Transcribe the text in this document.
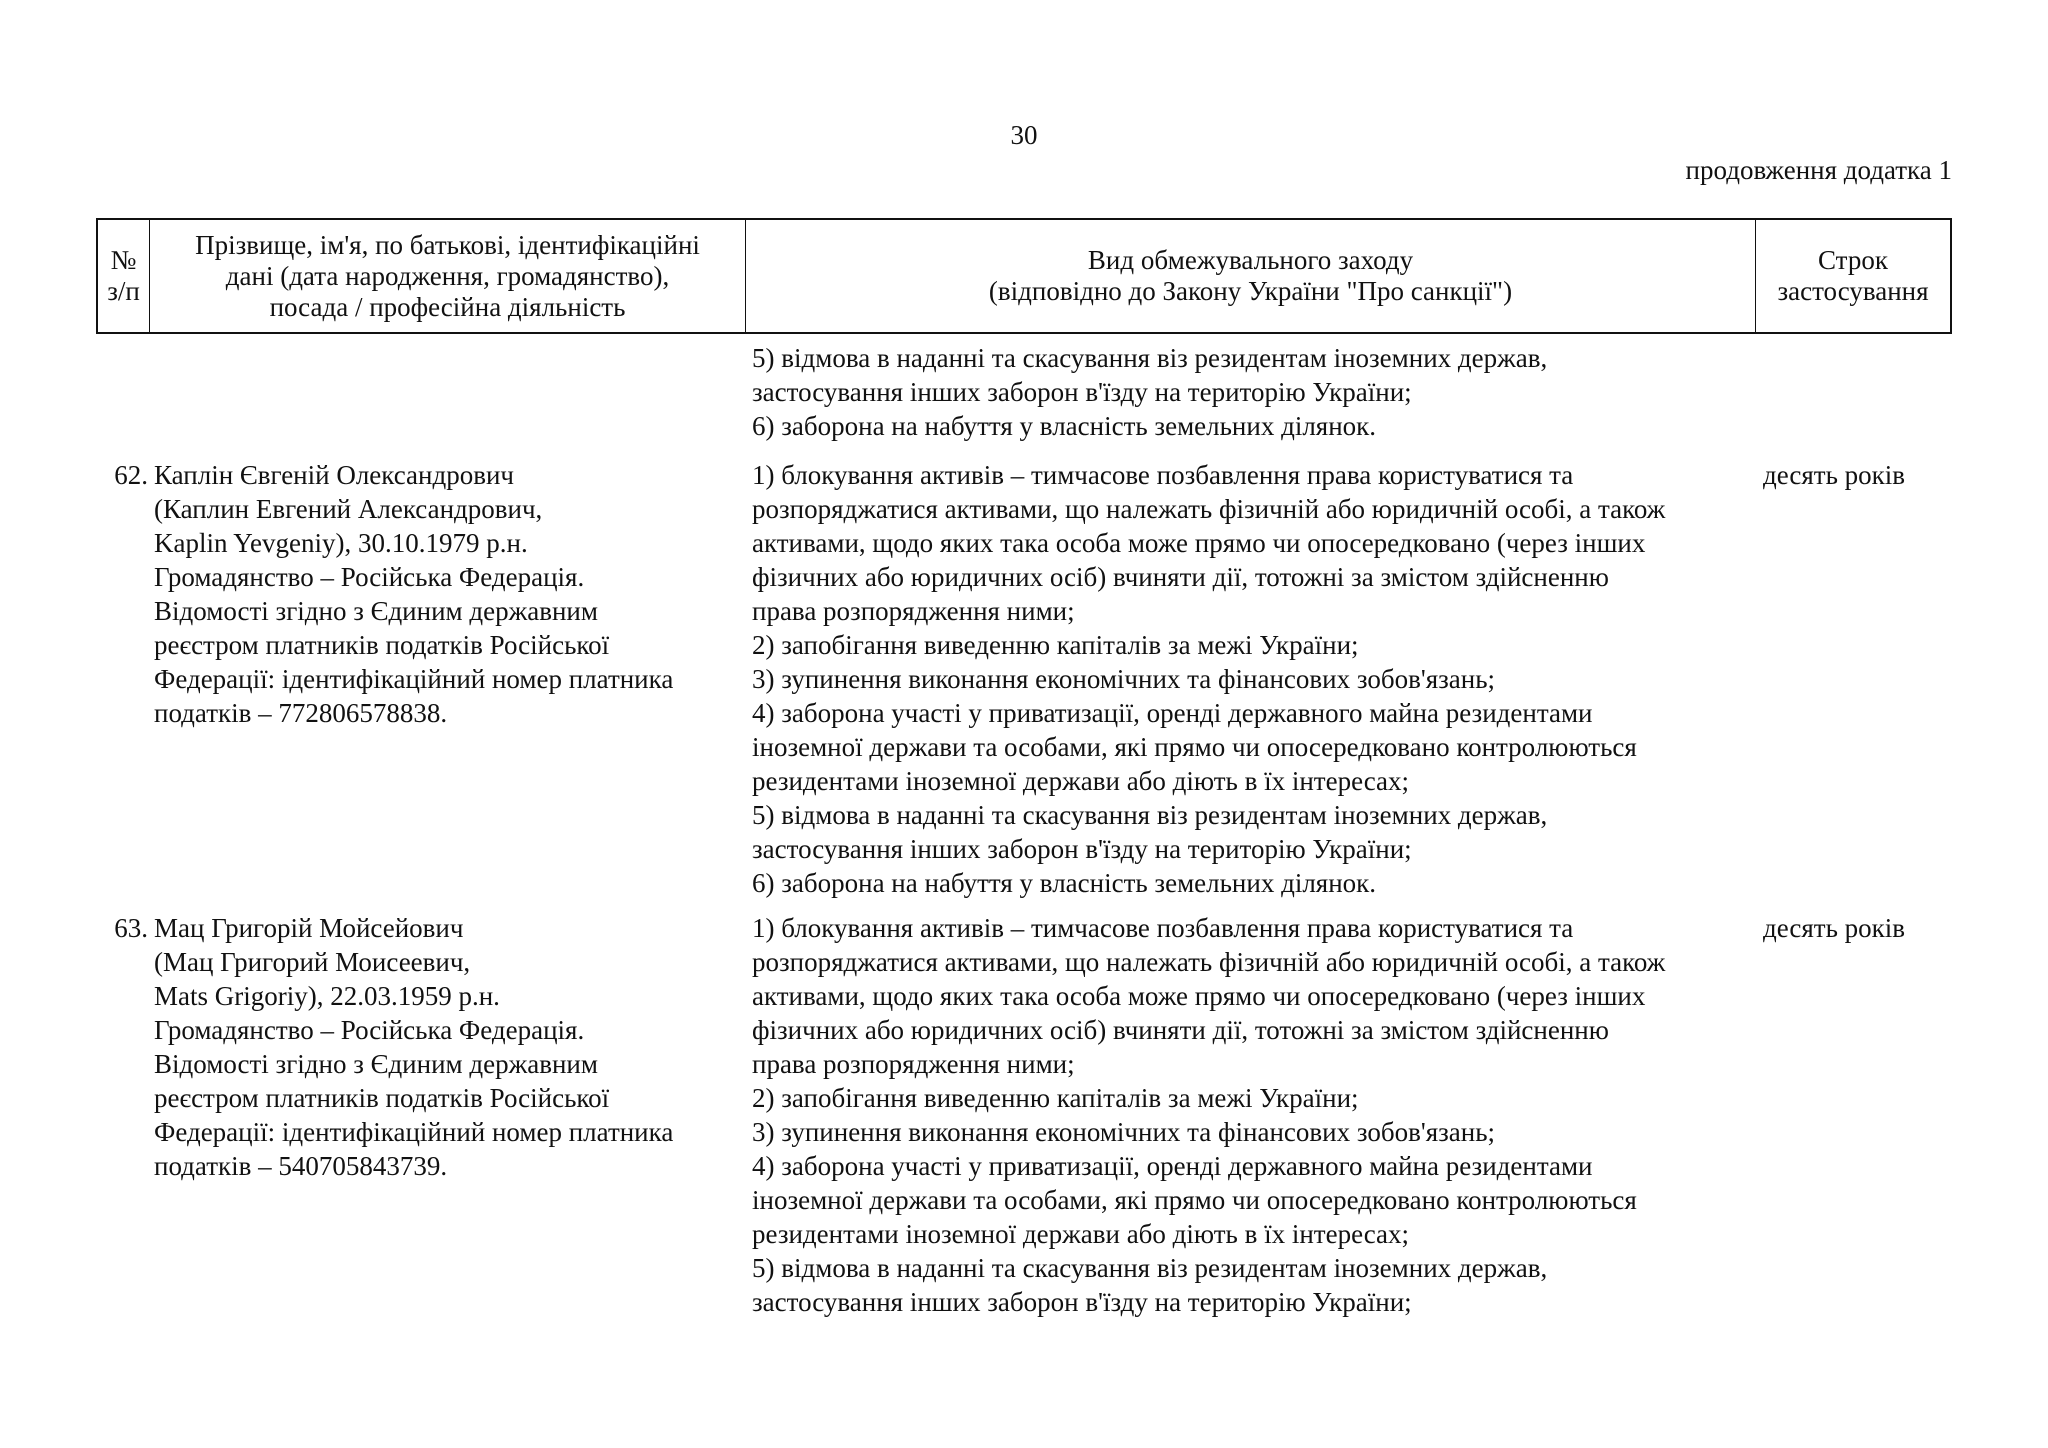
30
продовження додатка 1
№
з/п
Прізвище, ім'я, по батькові, ідентифікаційні
дані (дата народження, громадянство),
посада / професійна діяльність
Вид обмежувального заходу
(відповідно до Закону України "Про санкції")
Строк
застосування
5) відмова в наданні та скасування віз резидентам іноземних держав,
застосування інших заборон в'їзду на територію України;
6) заборона на набуття у власність земельних ділянок.
62. Каплін Євгеній Олександрович
(Каплин Евгений Александрович,
Kaplin Yevgeniy), 30.10.1979 р.н.
Громадянство – Російська Федерація.
Відомості згідно з Єдиним державним
реєстром платників податків Російської
Федерації: ідентифікаційний номер платника
податків – 772806578838.
1) блокування активів – тимчасове позбавлення права користуватися та
розпоряджатися активами, що належать фізичній або юридичній особі, а також
активами, щодо яких така особа може прямо чи опосередковано (через інших
фізичних або юридичних осіб) вчиняти дії, тотожні за змістом здійсненню
права розпорядження ними;
2) запобігання виведенню капіталів за межі України;
3) зупинення виконання економічних та фінансових зобов'язань;
4) заборона участі у приватизації, оренді державного майна резидентами
іноземної держави та особами, які прямо чи опосередковано контролюються
резидентами іноземної держави або діють в їх інтересах;
5) відмова в наданні та скасування віз резидентам іноземних держав,
застосування інших заборон в'їзду на територію України;
6) заборона на набуття у власність земельних ділянок.
десять років
63. Мац Григорій Мойсейович
(Мац Григорий Моисеевич,
Mats Grigoriy), 22.03.1959 р.н.
Громадянство – Російська Федерація.
Відомості згідно з Єдиним державним
реєстром платників податків Російської
Федерації: ідентифікаційний номер платника
податків – 540705843739.
1) блокування активів – тимчасове позбавлення права користуватися та
розпоряджатися активами, що належать фізичній або юридичній особі, а також
активами, щодо яких така особа може прямо чи опосередковано (через інших
фізичних або юридичних осіб) вчиняти дії, тотожні за змістом здійсненню
права розпорядження ними;
2) запобігання виведенню капіталів за межі України;
3) зупинення виконання економічних та фінансових зобов'язань;
4) заборона участі у приватизації, оренді державного майна резидентами
іноземної держави та особами, які прямо чи опосередковано контролюються
резидентами іноземної держави або діють в їх інтересах;
5) відмова в наданні та скасування віз резидентам іноземних держав,
застосування інших заборон в'їзду на територію України;
десять років
